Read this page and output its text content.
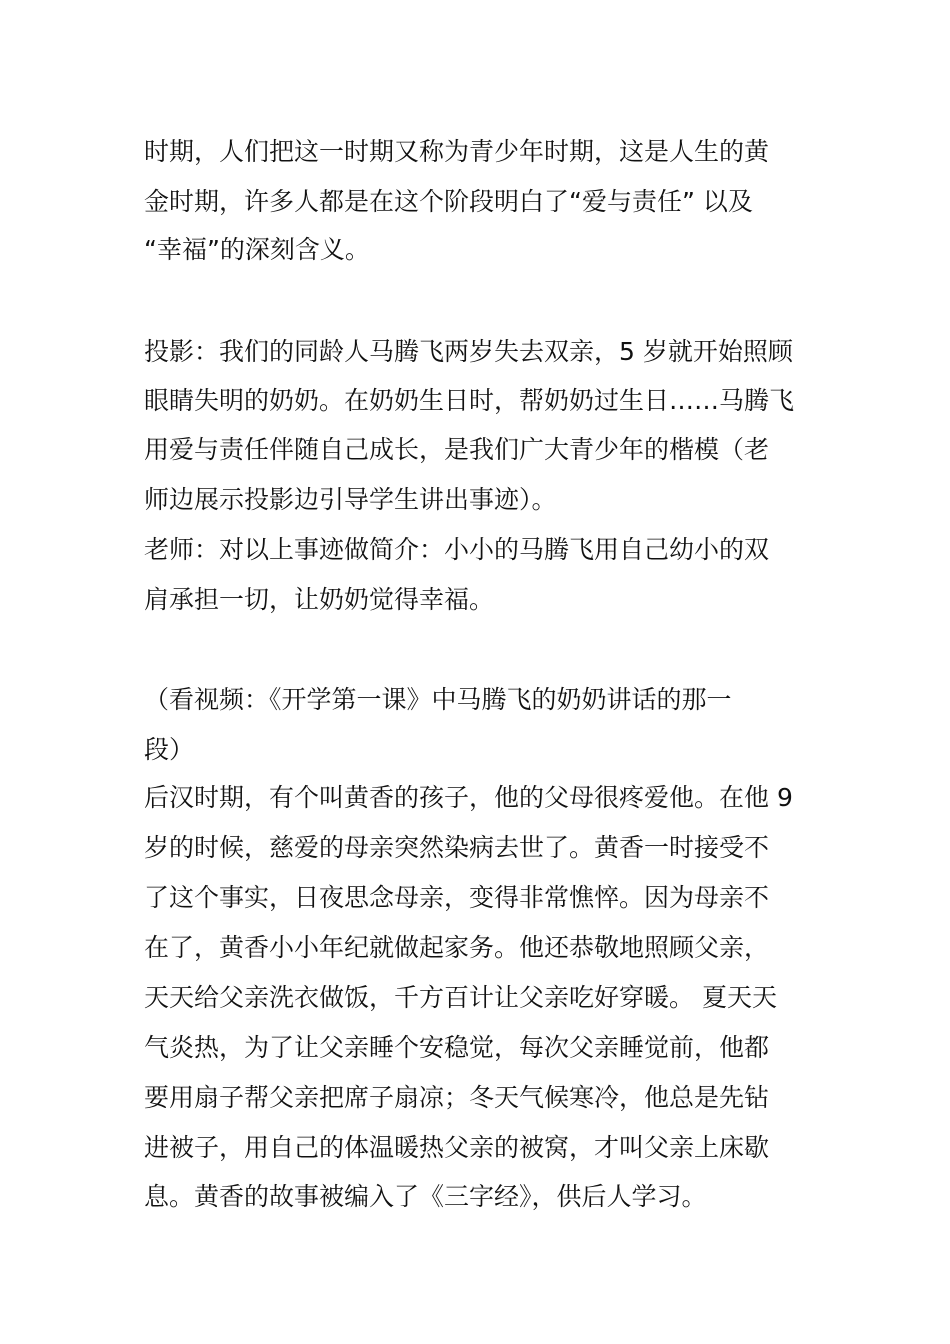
时期，人们把这一时期又称为青少年时期，这是人生的黄
金时期，许多人都是在这个阶段明白了“爱与责任” 以及
“幸福”的深刻含义。
投影：我们的同龄人马腾飞两岁失去双亲，5 岁就开始照顾
眼睛失明的奶奶。在奶奶生日时，帮奶奶过生日……马腾飞
用爱与责任伴随自己成长，是我们广大青少年的楷模（老
师边展示投影边引导学生讲出事迹）。
老师：对以上事迹做简介：小小的马腾飞用自己幼小的双
肩承担一切，让奶奶觉得幸福。
（看视频：《开学第一课》中马腾飞的奶奶讲话的那一
段）
后汉时期，有个叫黄香的孩子，他的父母很疼爱他。在他 9
岁的时候，慈爱的母亲突然染病去世了。黄香一时接受不
了这个事实，日夜思念母亲，变得非常憔悴。因为母亲不
在了，黄香小小年纪就做起家务。他还恭敬地照顾父亲，
天天给父亲洗衣做饭，千方百计让父亲吃好穿暖。 夏天天
气炎热，为了让父亲睡个安稳觉，每次父亲睡觉前，他都
要用扇子帮父亲把席子扇凉；冬天气候寒冷，他总是先钻
进被子，用自己的体温暖热父亲的被窝，才叫父亲上床歇
息。黄香的故事被编入了《三字经》，供后人学习。
